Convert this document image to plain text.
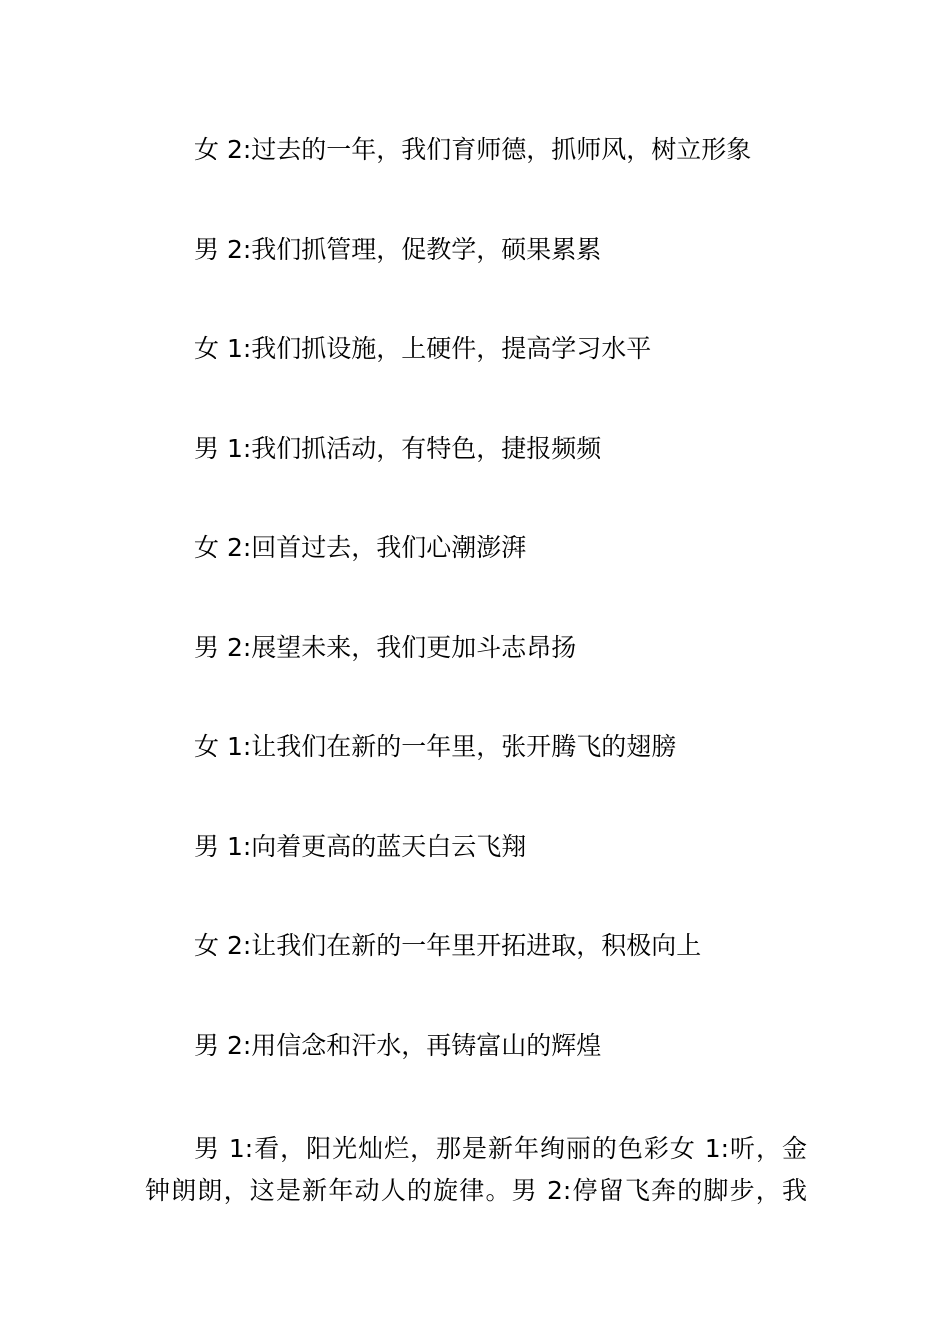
女 2:过去的一年，我们育师德，抓师风，树立形象
男 2:我们抓管理，促教学，硕果累累
女 1:我们抓设施，上硬件，提高学习水平
男 1:我们抓活动，有特色，捷报频频
女 2:回首过去，我们心潮澎湃
男 2:展望未来，我们更加斗志昂扬
女 1:让我们在新的一年里，张开腾飞的翅膀
男 1:向着更高的蓝天白云飞翔
女 2:让我们在新的一年里开拓进取，积极向上
男 2:用信念和汗水，再铸富山的辉煌

男 1:看，阳光灿烂，那是新年绚丽的色彩女 1:听，金钟朗朗，这是新年动人的旋律。男 2:停留飞奔的脚步，我
